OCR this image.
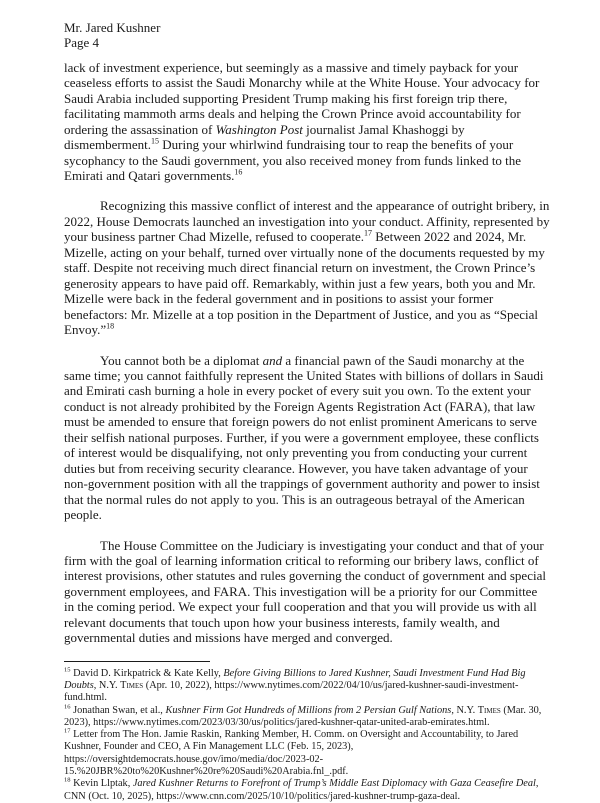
Mr. Jared Kushner
Page 4

lack of investment experience, but seemingly as a massive and timely payback for your ceaseless efforts to assist the Saudi Monarchy while at the White House. Your advocacy for Saudi Arabia included supporting President Trump making his first foreign trip there, facilitating mammoth arms deals and helping the Crown Prince avoid accountability for ordering the assassination of Washington Post journalist Jamal Khashoggi by dismemberment.$^{15}$ During your whirlwind fundraising tour to reap the benefits of your sycophancy to the Saudi government, you also received money from funds linked to the Emirati and Qatari governments.$^{16}$

Recognizing this massive conflict of interest and the appearance of outright bribery, in 2022, House Democrats launched an investigation into your conduct. Affinity, represented by your business partner Chad Mizelle, refused to cooperate.$^{17}$ Between 2022 and 2024, Mr. Mizelle, acting on your behalf, turned over virtually none of the documents requested by my staff. Despite not receiving much direct financial return on investment, the Crown Prince’s generosity appears to have paid off. Remarkably, within just a few years, both you and Mr. Mizelle were back in the federal government and in positions to assist your former benefactors: Mr. Mizelle at a top position in the Department of Justice, and you as “Special Envoy.”$^{18}$

You cannot both be a diplomat and a financial pawn of the Saudi monarchy at the same time; you cannot faithfully represent the United States with billions of dollars in Saudi and Emirati cash burning a hole in every pocket of every suit you own. To the extent your conduct is not already prohibited by the Foreign Agents Registration Act (FARA), that law must be amended to ensure that foreign powers do not enlist prominent Americans to serve their selfish national purposes. Further, if you were a government employee, these conflicts of interest would be disqualifying, not only preventing you from conducting your current duties but from receiving security clearance. However, you have taken advantage of your non-government position with all the trappings of government authority and power to insist that the normal rules do not apply to you. This is an outrageous betrayal of the American people.

The House Committee on the Judiciary is investigating your conduct and that of your firm with the goal of learning information critical to reforming our bribery laws, conflict of interest provisions, other statutes and rules governing the conduct of government and special government employees, and FARA. This investigation will be a priority for our Committee in the coming period. We expect your full cooperation and that you will provide us with all relevant documents that touch upon how your business interests, family wealth, and governmental duties and missions have merged and converged.

$^{15}$ David D. Kirkpatrick & Kate Kelly, Before Giving Billions to Jared Kushner, Saudi Investment Fund Had Big Doubts, N.Y. Times (Apr. 10, 2022), https://www.nytimes.com/2022/04/10/us/jared-kushner-saudi-investment-fund.html.

$^{16}$ Jonathan Swan, et al., Kushner Firm Got Hundreds of Millions from 2 Persian Gulf Nations, N.Y. Times (Mar. 30, 2023), https://www.nytimes.com/2023/03/30/us/politics/jared-kushner-qatar-united-arab-emirates.html.

$^{17}$ Letter from The Hon. Jamie Raskin, Ranking Member, H. Comm. on Oversight and Accountability, to Jared Kushner, Founder and CEO, A Fin Management LLC (Feb. 15, 2023),
https://oversightdemocrats.house.gov/imo/media/doc/2023-02-
15.%20JBR%20to%20Kushner%20re%20Saudi%20Arabia.fnl_.pdf.

$^{18}$ Kevin Llptak, Jared Kushner Returns to Forefront of Trump’s Middle East Diplomacy with Gaza Ceasefire Deal, CNN (Oct. 10, 2025), https://www.cnn.com/2025/10/10/politics/jared-kushner-trump-gaza-deal.
